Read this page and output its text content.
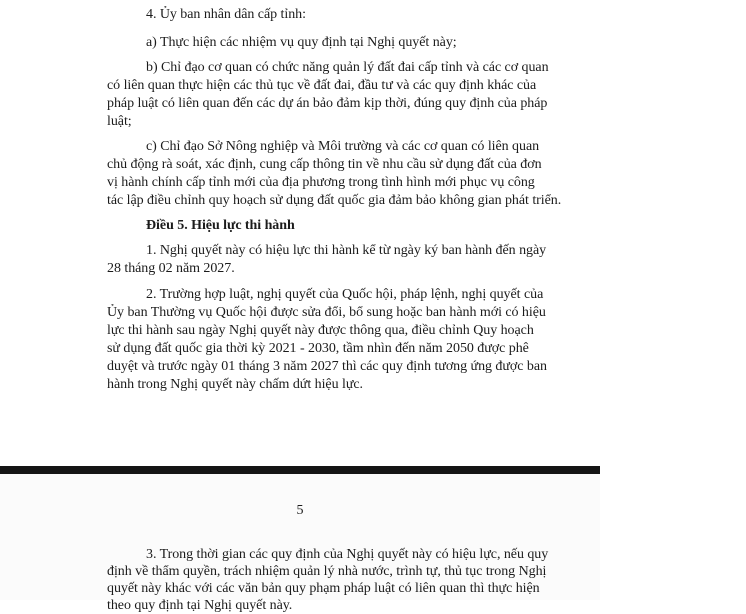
4. Ủy ban nhân dân cấp tỉnh:
a) Thực hiện các nhiệm vụ quy định tại Nghị quyết này;
b) Chỉ đạo cơ quan có chức năng quản lý đất đai cấp tỉnh và các cơ quan
có liên quan thực hiện các thủ tục về đất đai, đầu tư và các quy định khác của
pháp luật có liên quan đến các dự án bảo đảm kịp thời, đúng quy định của pháp
luật;
c) Chỉ đạo Sở Nông nghiệp và Môi trường và các cơ quan có liên quan
chủ động rà soát, xác định, cung cấp thông tin về nhu cầu sử dụng đất của đơn
vị hành chính cấp tỉnh mới của địa phương trong tình hình mới phục vụ công
tác lập điều chỉnh quy hoạch sử dụng đất quốc gia đảm bảo không gian phát triển.
Điều 5. Hiệu lực thi hành
1. Nghị quyết này có hiệu lực thi hành kể từ ngày ký ban hành đến ngày
28 tháng 02 năm 2027.
2. Trường hợp luật, nghị quyết của Quốc hội, pháp lệnh, nghị quyết của
Ủy ban Thường vụ Quốc hội được sửa đổi, bổ sung hoặc ban hành mới có hiệu
lực thi hành sau ngày Nghị quyết này được thông qua, điều chỉnh Quy hoạch
sử dụng đất quốc gia thời kỳ 2021 - 2030, tầm nhìn đến năm 2050 được phê
duyệt và trước ngày 01 tháng 3 năm 2027 thì các quy định tương ứng được ban
hành trong Nghị quyết này chấm dứt hiệu lực.
5
3. Trong thời gian các quy định của Nghị quyết này có hiệu lực, nếu quy
định về thẩm quyền, trách nhiệm quản lý nhà nước, trình tự, thủ tục trong Nghị
quyết này khác với các văn bản quy phạm pháp luật có liên quan thì thực hiện
theo quy định tại Nghị quyết này.
